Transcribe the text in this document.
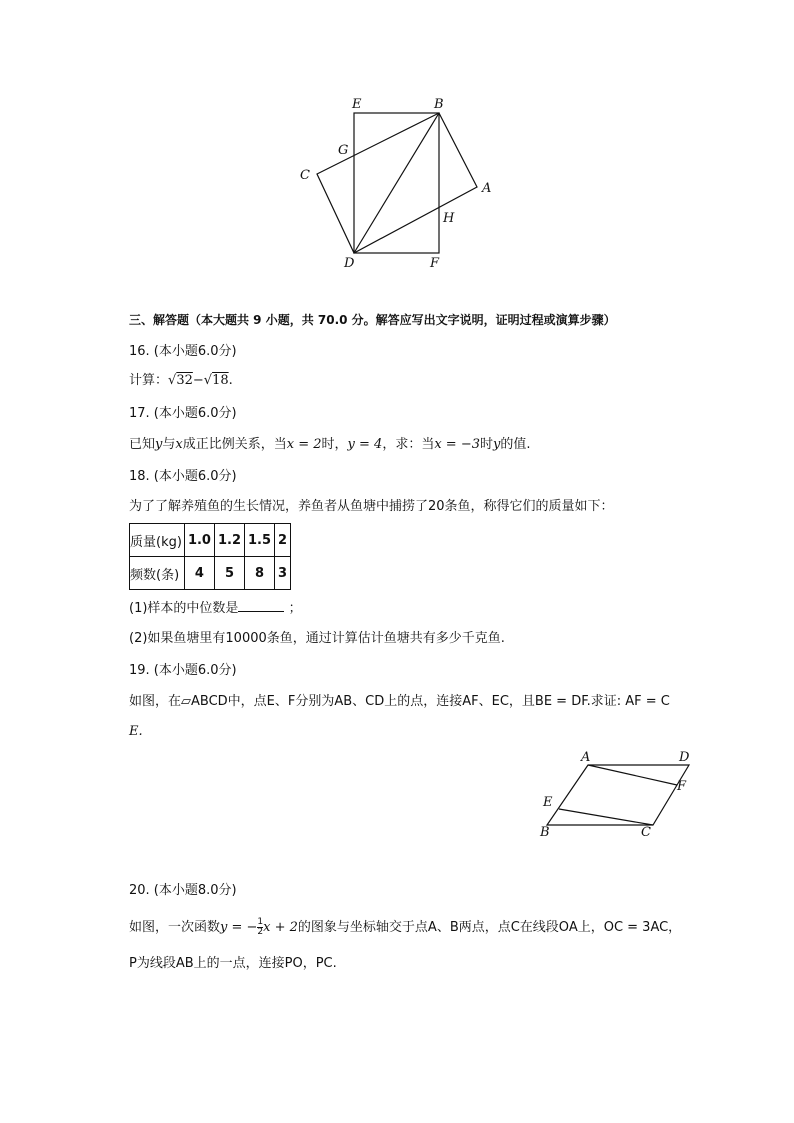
E	B
G
C
A
H
D	F
三、解答题（本大题共 9 小题，共 70.0 分。解答应写出文字说明，证明过程或演算步骤）
16. (本小题6.0分)
计算：√32−√18.
17. (本小题6.0分)
已知y与x成正比例关系，当x = 2时，y = 4，求：当x = −3时y的值.
18. (本小题6.0分)
为了了解养殖鱼的生长情况，养鱼者从鱼塘中捕捞了20条鱼，称得它们的质量如下：
质量(kg)	1.0	1.2	1.5	2
频数(条)	4	5	8	3
(1)样本的中位数是	；
(2)如果鱼塘里有10000条鱼，通过计算估计鱼塘共有多少千克鱼.
19. (本小题6.0分)
如图，在▱ABCD中，点E、F分别为AB、CD上的点，连接AF、EC，且BE = DF.求证: AF = C
E.
A	D
F
E
B	C
20. (本小题8.0分)
如图，一次函数y = − $\frac{1}{2}$ x + 2的图象与坐标轴交于点A、B两点，点C在线段OA上，OC = 3AC，
P为线段AB上的一点，连接PO，PC.
